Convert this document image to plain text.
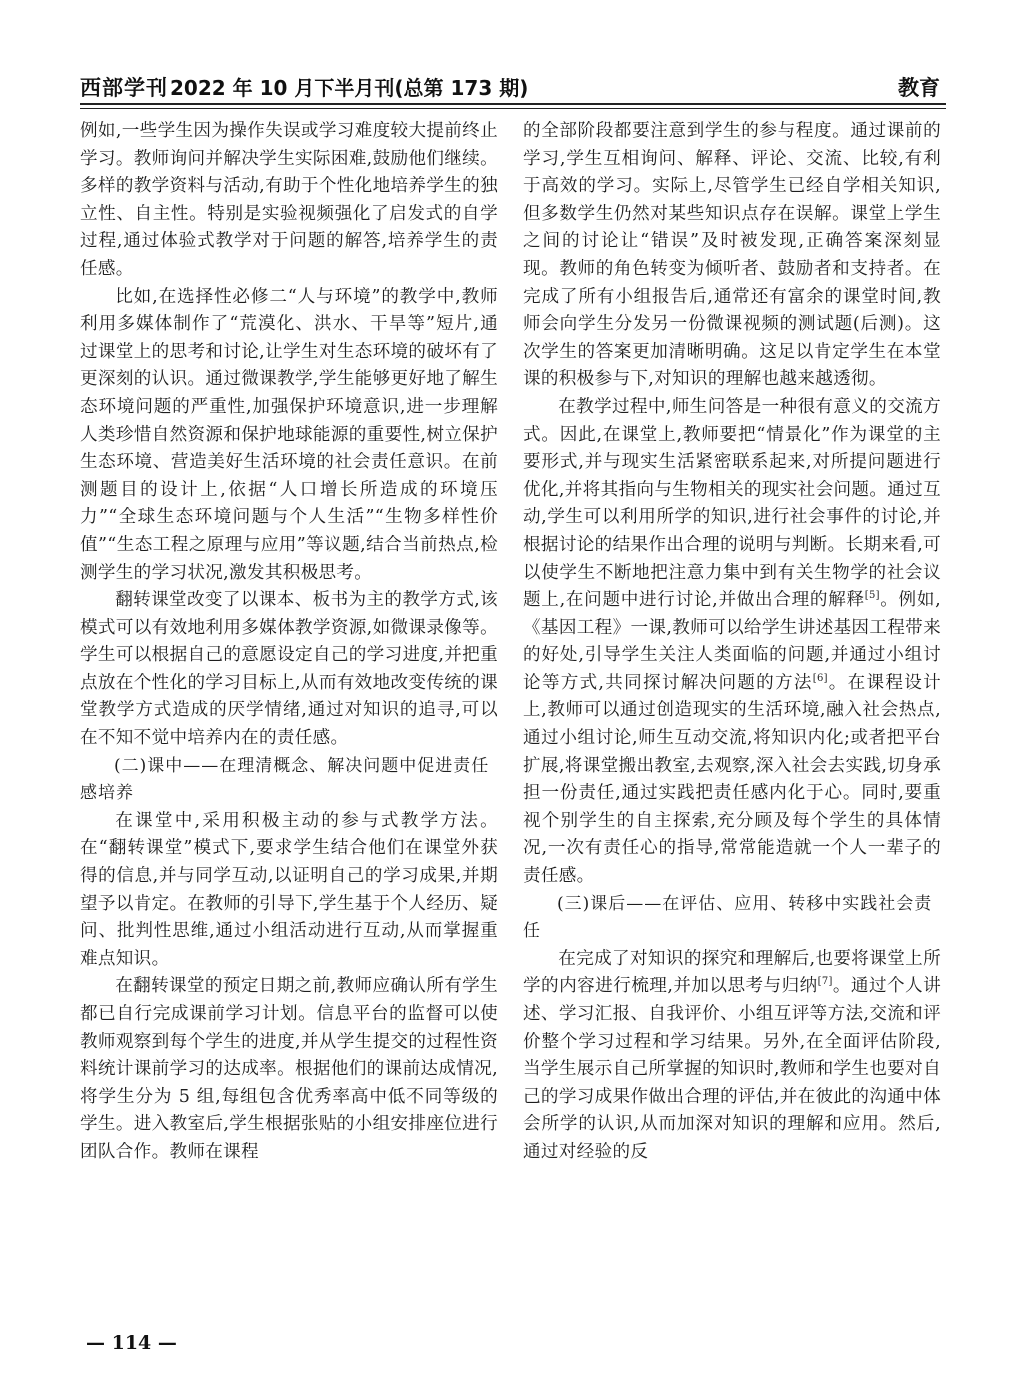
西部学刊 2022 年 10 月下半月刊(总第 173 期)	教育

例如,一些学生因为操作失误或学习难度较大提前终止学习。教师询问并解决学生实际困难,鼓励他们继续。多样的教学资料与活动,有助于个性化地培养学生的独立性、自主性。特别是实验视频强化了启发式的自学过程,通过体验式教学对于问题的解答,培养学生的责任感。

比如,在选择性必修二“人与环境”的教学中,教师利用多媒体制作了“荒漠化、洪水、干旱等”短片,通过课堂上的思考和讨论,让学生对生态环境的破坏有了更深刻的认识。通过微课教学,学生能够更好地了解生态环境问题的严重性,加强保护环境意识,进一步理解人类珍惜自然资源和保护地球能源的重要性,树立保护生态环境、营造美好生活环境的社会责任意识。在前测题目的设计上,依据“人口增长所造成的环境压力”“全球生态环境问题与个人生活”“生物多样性价值”“生态工程之原理与应用”等议题,结合当前热点,检测学生的学习状况,激发其积极思考。

翻转课堂改变了以课本、板书为主的教学方式,该模式可以有效地利用多媒体教学资源,如微课录像等。学生可以根据自己的意愿设定自己的学习进度,并把重点放在个性化的学习目标上,从而有效地改变传统的课堂教学方式造成的厌学情绪,通过对知识的追寻,可以在不知不觉中培养内在的责任感。

(二)课中——在理清概念、解决问题中促进责任感培养

在课堂中,采用积极主动的参与式教学方法。在“翻转课堂”模式下,要求学生结合他们在课堂外获得的信息,并与同学互动,以证明自己的学习成果,并期望予以肯定。在教师的引导下,学生基于个人经历、疑问、批判性思维,通过小组活动进行互动,从而掌握重难点知识。

在翻转课堂的预定日期之前,教师应确认所有学生都已自行完成课前学习计划。信息平台的监督可以使教师观察到每个学生的进度,并从学生提交的过程性资料统计课前学习的达成率。根据他们的课前达成情况,将学生分为 5 组,每组包含优秀率高中低不同等级的学生。进入教室后,学生根据张贴的小组安排座位进行团队合作。教师在课程

的全部阶段都要注意到学生的参与程度。通过课前的学习,学生互相询问、解释、评论、交流、比较,有利于高效的学习。实际上,尽管学生已经自学相关知识,但多数学生仍然对某些知识点存在误解。课堂上学生之间的讨论让“错误”及时被发现,正确答案深刻显现。教师的角色转变为倾听者、鼓励者和支持者。在完成了所有小组报告后,通常还有富余的课堂时间,教师会向学生分发另一份微课视频的测试题(后测)。这次学生的答案更加清晰明确。这足以肯定学生在本堂课的积极参与下,对知识的理解也越来越透彻。

在教学过程中,师生问答是一种很有意义的交流方式。因此,在课堂上,教师要把“情景化”作为课堂的主要形式,并与现实生活紧密联系起来,对所提问题进行优化,并将其指向与生物相关的现实社会问题。通过互动,学生可以利用所学的知识,进行社会事件的讨论,并根据讨论的结果作出合理的说明与判断。长期来看,可以使学生不断地把注意力集中到有关生物学的社会议题上,在问题中进行讨论,并做出合理的解释[5]。例如,《基因工程》一课,教师可以给学生讲述基因工程带来的好处,引导学生关注人类面临的问题,并通过小组讨论等方式,共同探讨解决问题的方法[6]。在课程设计上,教师可以通过创造现实的生活环境,融入社会热点,通过小组讨论,师生互动交流,将知识内化;或者把平台扩展,将课堂搬出教室,去观察,深入社会去实践,切身承担一份责任,通过实践把责任感内化于心。同时,要重视个别学生的自主探索,充分顾及每个学生的具体情况,一次有责任心的指导,常常能造就一个人一辈子的责任感。

(三)课后——在评估、应用、转移中实践社会责任

在完成了对知识的探究和理解后,也要将课堂上所学的内容进行梳理,并加以思考与归纳[7]。通过个人讲述、学习汇报、自我评价、小组互评等方法,交流和评价整个学习过程和学习结果。另外,在全面评估阶段,当学生展示自己所掌握的知识时,教师和学生也要对自己的学习成果作做出合理的评估,并在彼此的沟通中体会所学的认识,从而加深对知识的理解和应用。然后,通过对经验的反

— 114 —
